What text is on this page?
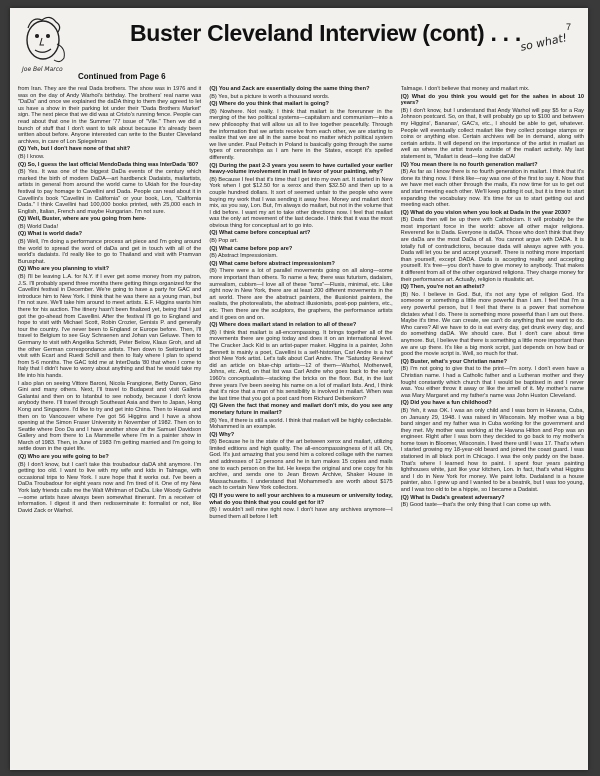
Joe Bel Marco
Buster Cleveland Interview (cont) . . .
so what!
7
Continued from Page 6

from Iran. They are the real Dada brothers. The show was in 1976 and it was on the day of Andy Warhol's birthday. The brothers' real name was "DaDa" and once we explained the daDA thing to them they agreed to let us have a show in their parking lot under their "Dada Brothers Market" sign. The next piece that we did was at Cristo's running fence. People can read about that one in the Summer '77 issue of "Vile." Then we did a bunch of stuff that I don't want to talk about because it's already been written about before. Anyone interested can write to the Buster Cleveland archives, in care of Lon Spiegelman

(Q) Yeh, but I don't have none of that shit?

(B) I know.

(Q) So, I guess the last official MendoDada thing was InterDada '80?

(B) Yes. It was one of the biggest DaDa events of the century which marked the birth of modern DaDA—art hardbenck Dadaists, mailartists, artists in general from around the world came to Ukiah for the four-day festival to pay homage to Cavellini and Dada. People can read about it in Cavellini's book "Cavellini in California" or your book, Lon, "California Dada." I think Cavellini had 100,000 books printed, with 25,000 each in English, Italian, French and maybe Hungarian. I'm not sure.

(Q) Well, Buster, where are you going from here-

(B) World Dada!

(Q) What is world dada?

(B) Well, I'm doing a performance process art piece and I'm going around the world to spread the word of daDa and get in touch with all of the world's dadaists. I'd really like to go to Thailand and visit with Pramvan Burusphat.

(Q) Who are you planning to visit?

(B) I'll be leaving L.A. for N.Y. if I ever get some money from my patron, J.S. I'll probably spend three months there getting things organized for the Cavellini festival in December. We're going to have a party for GAC and introduce him to New York. I think that he was there as a young man, but I'm not sure. We'll take him around to meet artists. E.F. Higgins wants him there for his auction. The itinery hasn't been finalized yet, being that I just got the go-ahead from Cavellini. After the festival I'll go to England and hope to visit with Michael Scott, Robin Crozier, Genisis P. and generally tour the country. I've never been to England or Europe before. Then, I'll travel to Belgium to see Guy Schraenen and Johan van Geluwe. Then to Germany to visit with Angelika Schmidt, Peter Below, Klaus Groh, and all the other German correspondance artists. Then down to Switzerland to visit with Ecart and Ruedi Schill and then to Italy where I plan to spend from 5-6 months. The GAC told me at InterDada '80 that when I come to Italy that I didn't have to worry about anything and that he would take my life into his hands.

I also plan on seeing Vittore Baroni, Nicola Frangione, Betty Danon, Gino Gini and many others. Next, I'll travel to Budapest and visit Galleria Galantai and then on to Istanbul to see nobody, because I don't know anybody there. I'll travel through Southeast Asia and then to Japan, Hong Kong and Singapore. I'd like to try and get into China. Then to Hawaii and then on to Vancouver where I've got 56 Higgins and I have a show opening at the Simon Fraser University in November of 1982. Then on to Seattle where Doo Da and I have another show at the Samuel Davidson Gallery and from there to La Mammelle where I'm in a painter show in March of 1983. Then, in June of 1983 I'm getting married and I'm going to settle down in the quiet life.

(Q) Who are you wife going to be?

(B) I don't know, but I can't take this troubadour daDA shit anymore. I'm getting too old. I want to live with my wife and kids in Talmage, with occasional trips to New York. I sure hope that it works out. I've been a DaDa Troubadour for eight years now and I'm tired of it. One of my New York lady friends calls me the Walt Whitman of DaDa. Like Woody Guthrie—some artists have always been somewhat itinerant. I'm a receiver of information. I digest it and then redisseminate it: formalist or not, like David Zack or Warhol.

(Q) You and Zack are essentially doing the same thing then?

(B) Yes, but a picture is worth a thousand words.

(Q) Where do you think that mailart is going?

(B) Nowhere. Not really. I think that mailart is the forerunner in the merging of the two political systems—capitalism and communism—into a new philosophy that will allow us all to live together peacefully. Through the information that we artists receive from each other, we are starting to realize that we are all in the same boat no matter which political system we live under. Paul Peitsch in Poland is basically going through the same types of censorships as I am here in the States, except it's spelled differently.

(Q) During the past 2-3 years you seem to have curtailed your earlier heavy-volume involvement in mail in favor of your painting, why?

(B) Because I feel that it's time that I get into my own art. It started in New York when I got $12.50 for a xerox and then $32.50 and then up to a couple hundred dollars. It sort of seemed unfair to the people who were buying my work that I was sending it away free. Money and mailart don't mix, as you say, Lon. But, I'm always do mailart, but not in the volume that I did before. I want my art to take other directions now. I feel that mailart was the only art movement of the last decade. I think that it was the most obvious thing for conceptual art to go into.

(Q) What came before conceptual art?

(B) Pop art.

(Q) What came before pop are?

(B) Abstract Impressionism.

(Q) What came before abstract impressionism?

(B) There were a lot of parallel movements going on all along—some more important than others. To name a few, there was futurism, dadaism, surrealism, cubism—I love all of these "isms"—Fluxis, minimal, etc. Like right now in New York, there are at least 200 different movements in the art world. There are the abstract painters, the illusionist painters, the realists, the photorealists, the abstract illusionists, post-pop painters, etc., etc. Then there are the sculptors, the graphers, the performance artists and it goes on and on.

(Q) Where does mailart stand in relation to all of these?

(B) I think that mailart is all-encompassing. It brings together all of the movements there are going today and does it on an international level. The Cracker Jack Kid is an artist-paper maker. Higgins is a painter, John Bennett is mainly a poet, Cavellini is a self-historian, Carl Andre is a hot shot New York artist. Let's talk about Carl Andre. The "Saturday Review" did an article on blue-chip artists—12 of them—Warhol, Motherwell, Johns, etc. And, on that list was Carl Andre who goes back to the early 1960's conceptualists—stacking the bricks on the floor. But, in the last three years I've been seeing his name on a lot of mailart lists. And, I think that it's nice that a man of his sensibility is involved in mailart. When was the last time that you got a post card from Richard Deibenkorn?

(Q) Given the fact that money and mailart don't mix, do you see any monetary future in mailart?

(B) Yes, if there is still a world. I think that mailart will be highly collectable. Mohammed is an example.

(Q) Why?

(B) Because he is the state of the art between xerox and mailart, utilizing limited editions and high quality. The all-encompassingness of it all. Oh, God. It's just amazing that you send him a colored collage with the names and addresses of 12 persons and he in turn makes 15 copies and mails one to each person on the list. He keeps the original and one copy for his archive, and sends one to Jean Brown Archive, Shaker House in Massachusetts. I understand that Mohammed's are worth about $175 each to certain New York collectors.

(Q) If you were to sell your archives to a museum or university today, what do you think that you could get for it?

(B) I wouldn't sell mine right now. I don't have any archives anymore—I burned them all before I left

Talmage. I don't believe that money and mailart mix.

(Q) What do you think you would get for the sahes in about 10 years?

(B) I don't know, but I understand that Andy Warhol will pay $5 for a Ray Johnson postcard. So, on that, It will probably go up to $100 and between my Higgins', Bananas', GAC's, etc., I should be able to get, whatever. People will eventually collect mailart like they collect postage stamps or coins or anything else. Certain archives will be in demand, along with certain artists. It will depend on the importance of the artist in mailart as well as where the artist travels outside of the mailart activity. My last statement is, "Mailart is dead—long live daDA!

(Q) You mean there is no fourth generation mailart?

(B) As far as I know there is no fourth generation in mailart. I think that it's done its thing now. I think like—ray was one of the first to say it. Now that we have met each other through the mails, it's now time for us to get out and start meeting each other. We'll keep putting it out, but it is time to start expanding the vocabulary now. It's time for us to start getting out and meeting each other.

(Q) What do you vision when you look at Dada in the year 2030?

(B) Dada then will be up there with Catholicism. It will probably be the most important force in the world: above all other major religions. Reverend Ike is Dada. Everyone is daDA. Those who don't think that they are daDa are the most DaDa of all. You cannot argue with DADA. It is totally full of contradictions, because dada will always agree with you. Dada will let you be and accept yourself. There is nothing more important than yourself, except DADA. Dada is accepting reality and accepting yourself. It's free—you don't have to give money to anybody. That makes it different from all of the other organized religions. They charge money for their performance art. Actually, religion is ritualistic art.

(Q) Then, you're not an atheist?

(B) No. I believe in God. But, it's not any type of religion God. It's someone or something a little more powerful than I am. I feel that I'm a very powerful person, but I feel that there is a power that somehow dictates what I do. There is something more powerful than I am out there. Maybe it's time. We can create, we can't do anything that we want to do. Who cares? All we have to do is eat every day, get drunk every day, and do something daDA. We should care. But I don't care about time anymore. But, I believe that there is something a little more important than we are up there. It's like a big monk script, just depends on how bad or good the movie script is. Well, so much for that.

(Q) Buster, what's your Christian name?

(B) I'm not going to give that to the print—I'm sorry. I don't even have a Christian name. I had a Catholic father and a Lutheran mother and they fought constantly which church that I would be baptised in and I never was. You either throw it away or like the smell of it. My mother's name was Mary Margaret and my father's name was John Huston Cleveland.

(Q) Did you have a fun childhood?

(B) Yeh, it was OK. I was an only child and I was born in Havana, Cuba, on January 29, 1948. I was raised in Wisconsin. My mother was a big band singer and my father was in Cuba working for the government and they met. My mother was working at the Havana Hilton and Pop was an engineer. Right after I was born they decided to go back to my mother's home town in Bloomer, Wisconsin. I lived there until I was 17. That's when I started growing my 18-year-old beard and joined the coast guard. I was stationed in all black port in Chicago. I was the only paddy on the base. That's where I learned how to paint. I spent four years painting lighthouses white, just like your kitchen, Lon. In fact, that's what Higgins and I do in New York for money. We paint lofts. Dadaland is a house painter, also. I grew up and I wanted to be a beatnik, but I was too young, and I was too old to be a hippie, so I became a Dadaist.

(Q) What is Dada's greatest adversary?

(B) Good taste—that's the only thing that I can come up with.
